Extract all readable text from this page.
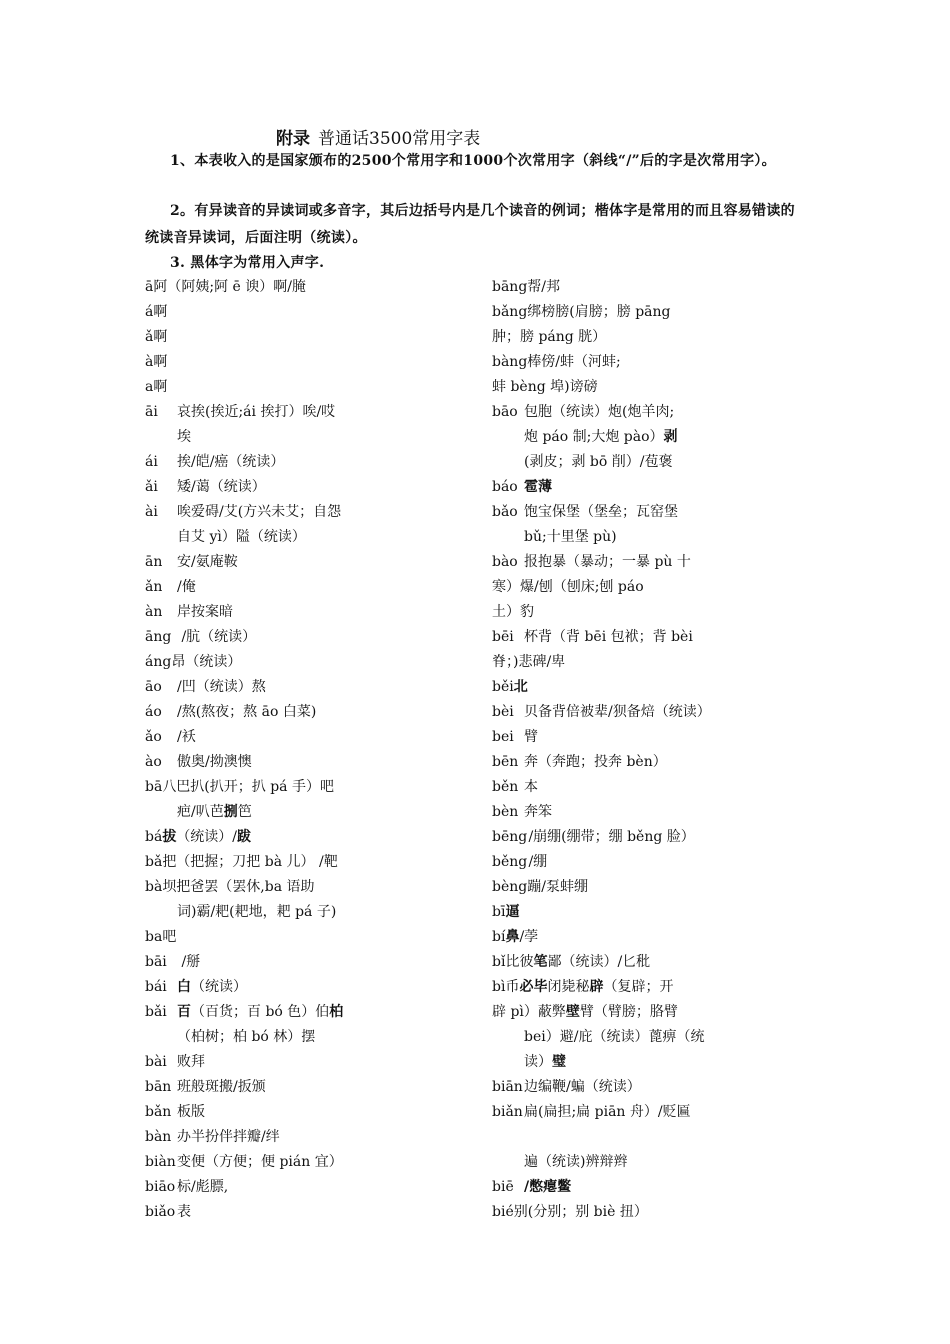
附录 普通话3500常用字表
1、本表收入的是国家颁布的2500个常用字和1000个次常用字（斜线“/”后的字是次常用字）。
2。有异读音的异读词或多音字，其后边括号内是几个读音的例词；楷体字是常用的而且容易错读的统读音异读词，后面注明（统读）。
3. 黑体字为常用入声字.
ā阿（阿姨;阿 ē 谀）啊/腌
á啊
ǎ啊
à啊
a啊
āi 哀挨(挨近;ái 挨打）唉/哎
埃
ái 挨/皑/癌（统读）
ǎi 矮/蔼（统读）
ài 唉爱碍/艾(方兴未艾；自怨
自艾 yì）隘（统读）
ān 安/氨庵鞍
ǎn /俺
àn 岸按案暗
āng /肮（统读）
áng昂（统读）
āo /凹（统读）熬
áo /熬(熬夜；熬 āo 白菜)
ǎo /袄
ào 傲奥/拗澳懊
bā八巴扒(扒开；扒 pá 手）吧
疤/叭芭捌笆
bá拔（统读）/跋
bǎ把（把握；刀把 bà 儿） /靶
bà坝把爸罢（罢休,ba 语助
词)霸/耙(耙地，耙 pá 子)
ba吧
bāi /掰
bái 白（统读）
bǎi 百（百货；百 bó 色）伯柏
（柏树；柏 bó 林）摆
bài 败拜
bān 班般斑搬/扳颁
bǎn 板版
bàn 办半扮伴拌瓣/绊
biàn变便（方便；便 pián 宜）
biāo 标/彪膘,
biǎo 表
bāng帮/邦
bǎng绑榜膀(肩膀；膀 pāng
肿；膀 páng 胱）
bàng棒傍/蚌（河蚌;
蚌 bèng 埠)谤磅
bāo 包胞（统读）炮(炮羊肉;
炮 páo 制;大炮 pào）剥
(剥皮；剥 bō 削）/苞褒
báo 雹薄
bǎo 饱宝保堡（堡垒；瓦窑堡
bǔ;十里堡 pù)
bào 报抱暴（暴动；一暴 pù 十
寒）爆/刨（刨床;刨 páo
土）豹
bēi 杯背（背 bēi 包袱；背 bèi
脊；)悲碑/卑
běi北
bèi 贝备背倍被辈/狈备焙（统读）
bei 臂
bēn 奔（奔跑；投奔 bèn）
běn 本
bèn 奔笨
bēng /崩绷(绷带；绷 běng 脸）
běng /绷
bèng蹦/泵蚌绷
bī逼
bí鼻/荸
bǐ比彼笔鄙（统读）/匕秕
bì币必毕闭毙秘辟（复辟；开
辟 pì）蔽弊壁臂（臂膀；胳臂
bei）避/庇（统读）蓖痹（统
读）璧
biān边编鞭/蝙（统读）
biǎn扁(扁担;扁 piān 舟）/贬匾
遍（统读)辨辩辫
biē /憋瘪鳖
bié别(分别；别 biè 扭）
